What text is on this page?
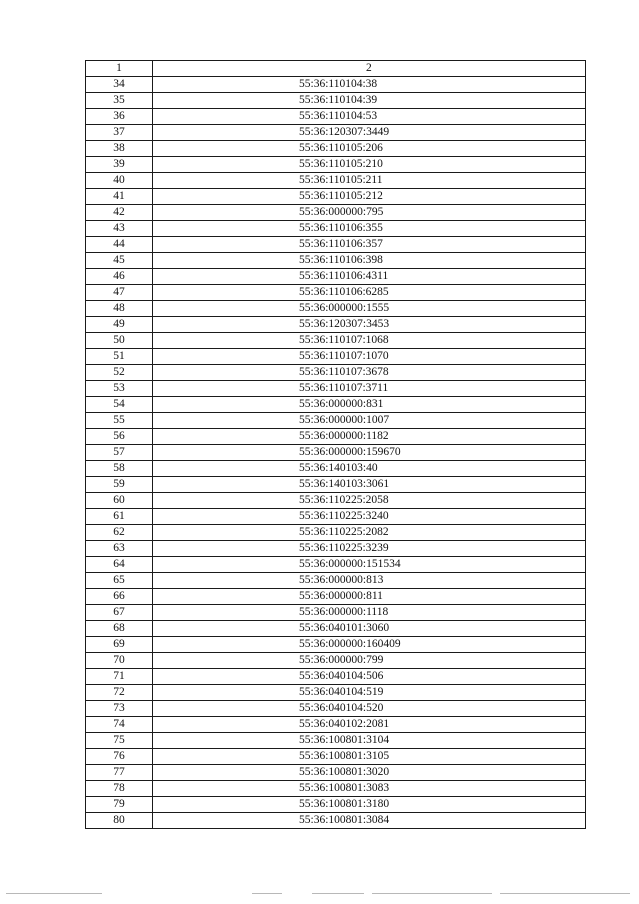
1	2
34	55:36:110104:38
35	55:36:110104:39
36	55:36:110104:53
37	55:36:120307:3449
38	55:36:110105:206
39	55:36:110105:210
40	55:36:110105:211
41	55:36:110105:212
42	55:36:000000:795
43	55:36:110106:355
44	55:36:110106:357
45	55:36:110106:398
46	55:36:110106:4311
47	55:36:110106:6285
48	55:36:000000:1555
49	55:36:120307:3453
50	55:36:110107:1068
51	55:36:110107:1070
52	55:36:110107:3678
53	55:36:110107:3711
54	55:36:000000:831
55	55:36:000000:1007
56	55:36:000000:1182
57	55:36:000000:159670
58	55:36:140103:40
59	55:36:140103:3061
60	55:36:110225:2058
61	55:36:110225:3240
62	55:36:110225:2082
63	55:36:110225:3239
64	55:36:000000:151534
65	55:36:000000:813
66	55:36:000000:811
67	55:36:000000:1118
68	55:36:040101:3060
69	55:36:000000:160409
70	55:36:000000:799
71	55:36:040104:506
72	55:36:040104:519
73	55:36:040104:520
74	55:36:040102:2081
75	55:36:100801:3104
76	55:36:100801:3105
77	55:36:100801:3020
78	55:36:100801:3083
79	55:36:100801:3180
80	55:36:100801:3084
